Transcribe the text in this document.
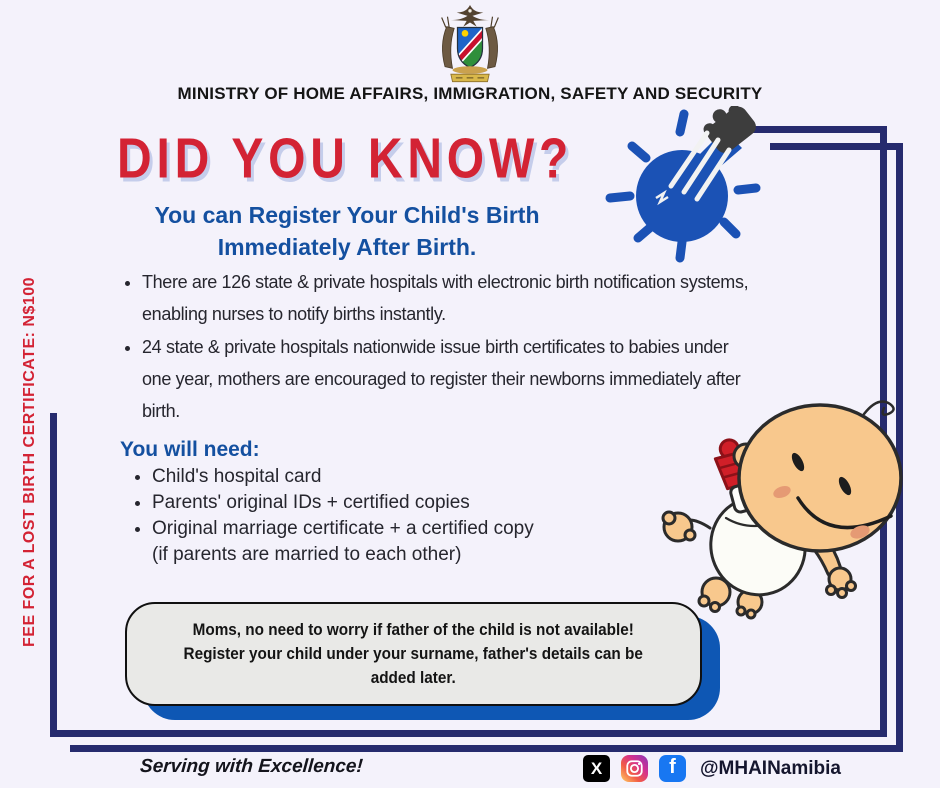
MINISTRY OF HOME AFFAIRS, IMMIGRATION, SAFETY AND SECURITY
FEE FOR A LOST BIRTH CERTIFICATE: N$100
DID YOU KNOW?
You can Register Your Child's Birth
Immediately After Birth.
• There are 126 state & private hospitals with electronic birth notification systems,
enabling nurses to notify births instantly.
• 24 state & private hospitals nationwide issue birth certificates to babies under
one year, mothers are encouraged to register their newborns immediately after
birth.
You will need:
• Child's hospital card
• Parents' original IDs + certified copies
• Original marriage certificate + a certified copy
(if parents are married to each other)

Moms, no need to worry if father of the child is not available!
Register your child under your surname, father's details can be
added later.

Serving with Excellence!	X	f	@MHAINamibia
